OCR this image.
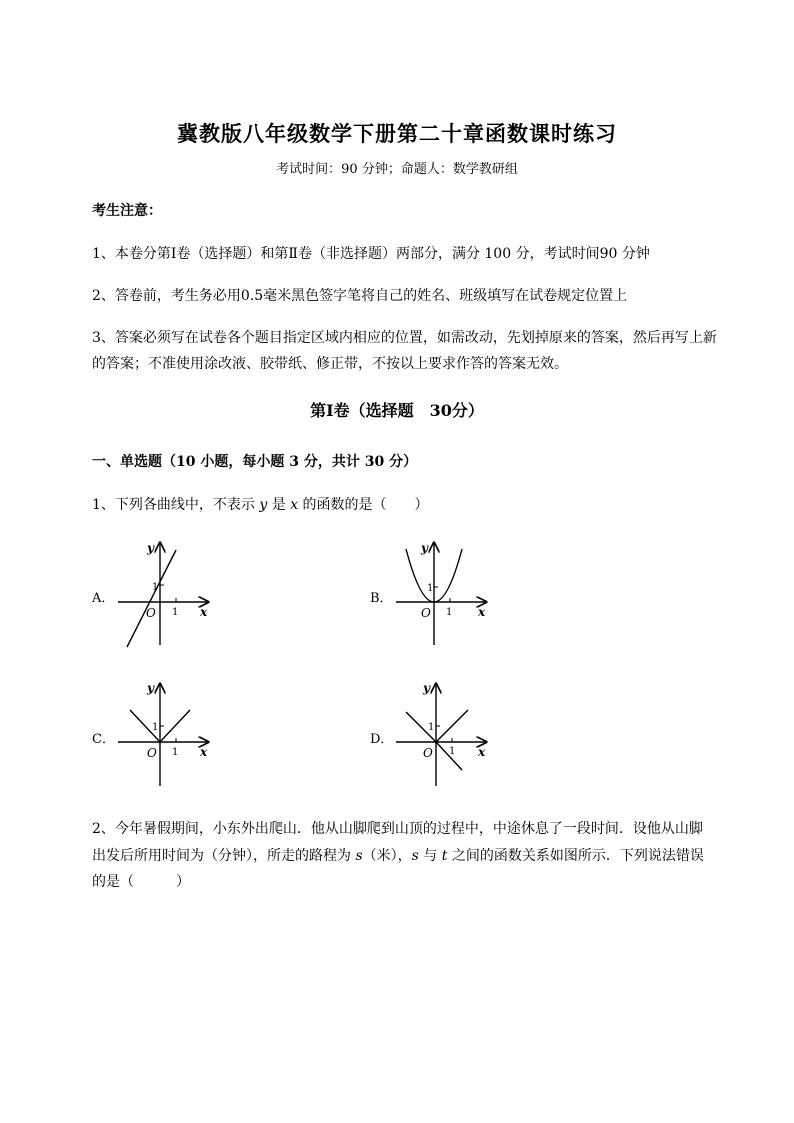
冀教版八年级数学下册第二十章函数课时练习
考试时间：90 分钟；命题人：数学教研组
考生注意：
1、本卷分第Ⅰ卷（选择题）和第Ⅱ卷（非选择题）两部分，满分 100 分，考试时间90 分钟
2、答卷前，考生务必用0.5毫米黑色签字笔将自己的姓名、班级填写在试卷规定位置上
3、答案必须写在试卷各个题目指定区域内相应的位置，如需改动，先划掉原来的答案，然后再写上新
的答案；不准使用涂改液、胶带纸、修正带，不按以上要求作答的答案无效。
第Ⅰ卷（选择题　30分）
一、单选题（10 小题，每小题 3 分，共计 30 分）
1、下列各曲线中，不表示 y 是 x 的函数的是（　　）
A．	B．
C．	D．
y
x
O
1
1
y
x
O
1
1
y
x
O
1
1
y
x
O
1
1
2、今年暑假期间，小东外出爬山．他从山脚爬到山顶的过程中，中途休息了一段时间．设他从山脚
出发后所用时间为（分钟），所走的路程为 s（米），s 与 t 之间的函数关系如图所示．下列说法错误
的是（　　　）
